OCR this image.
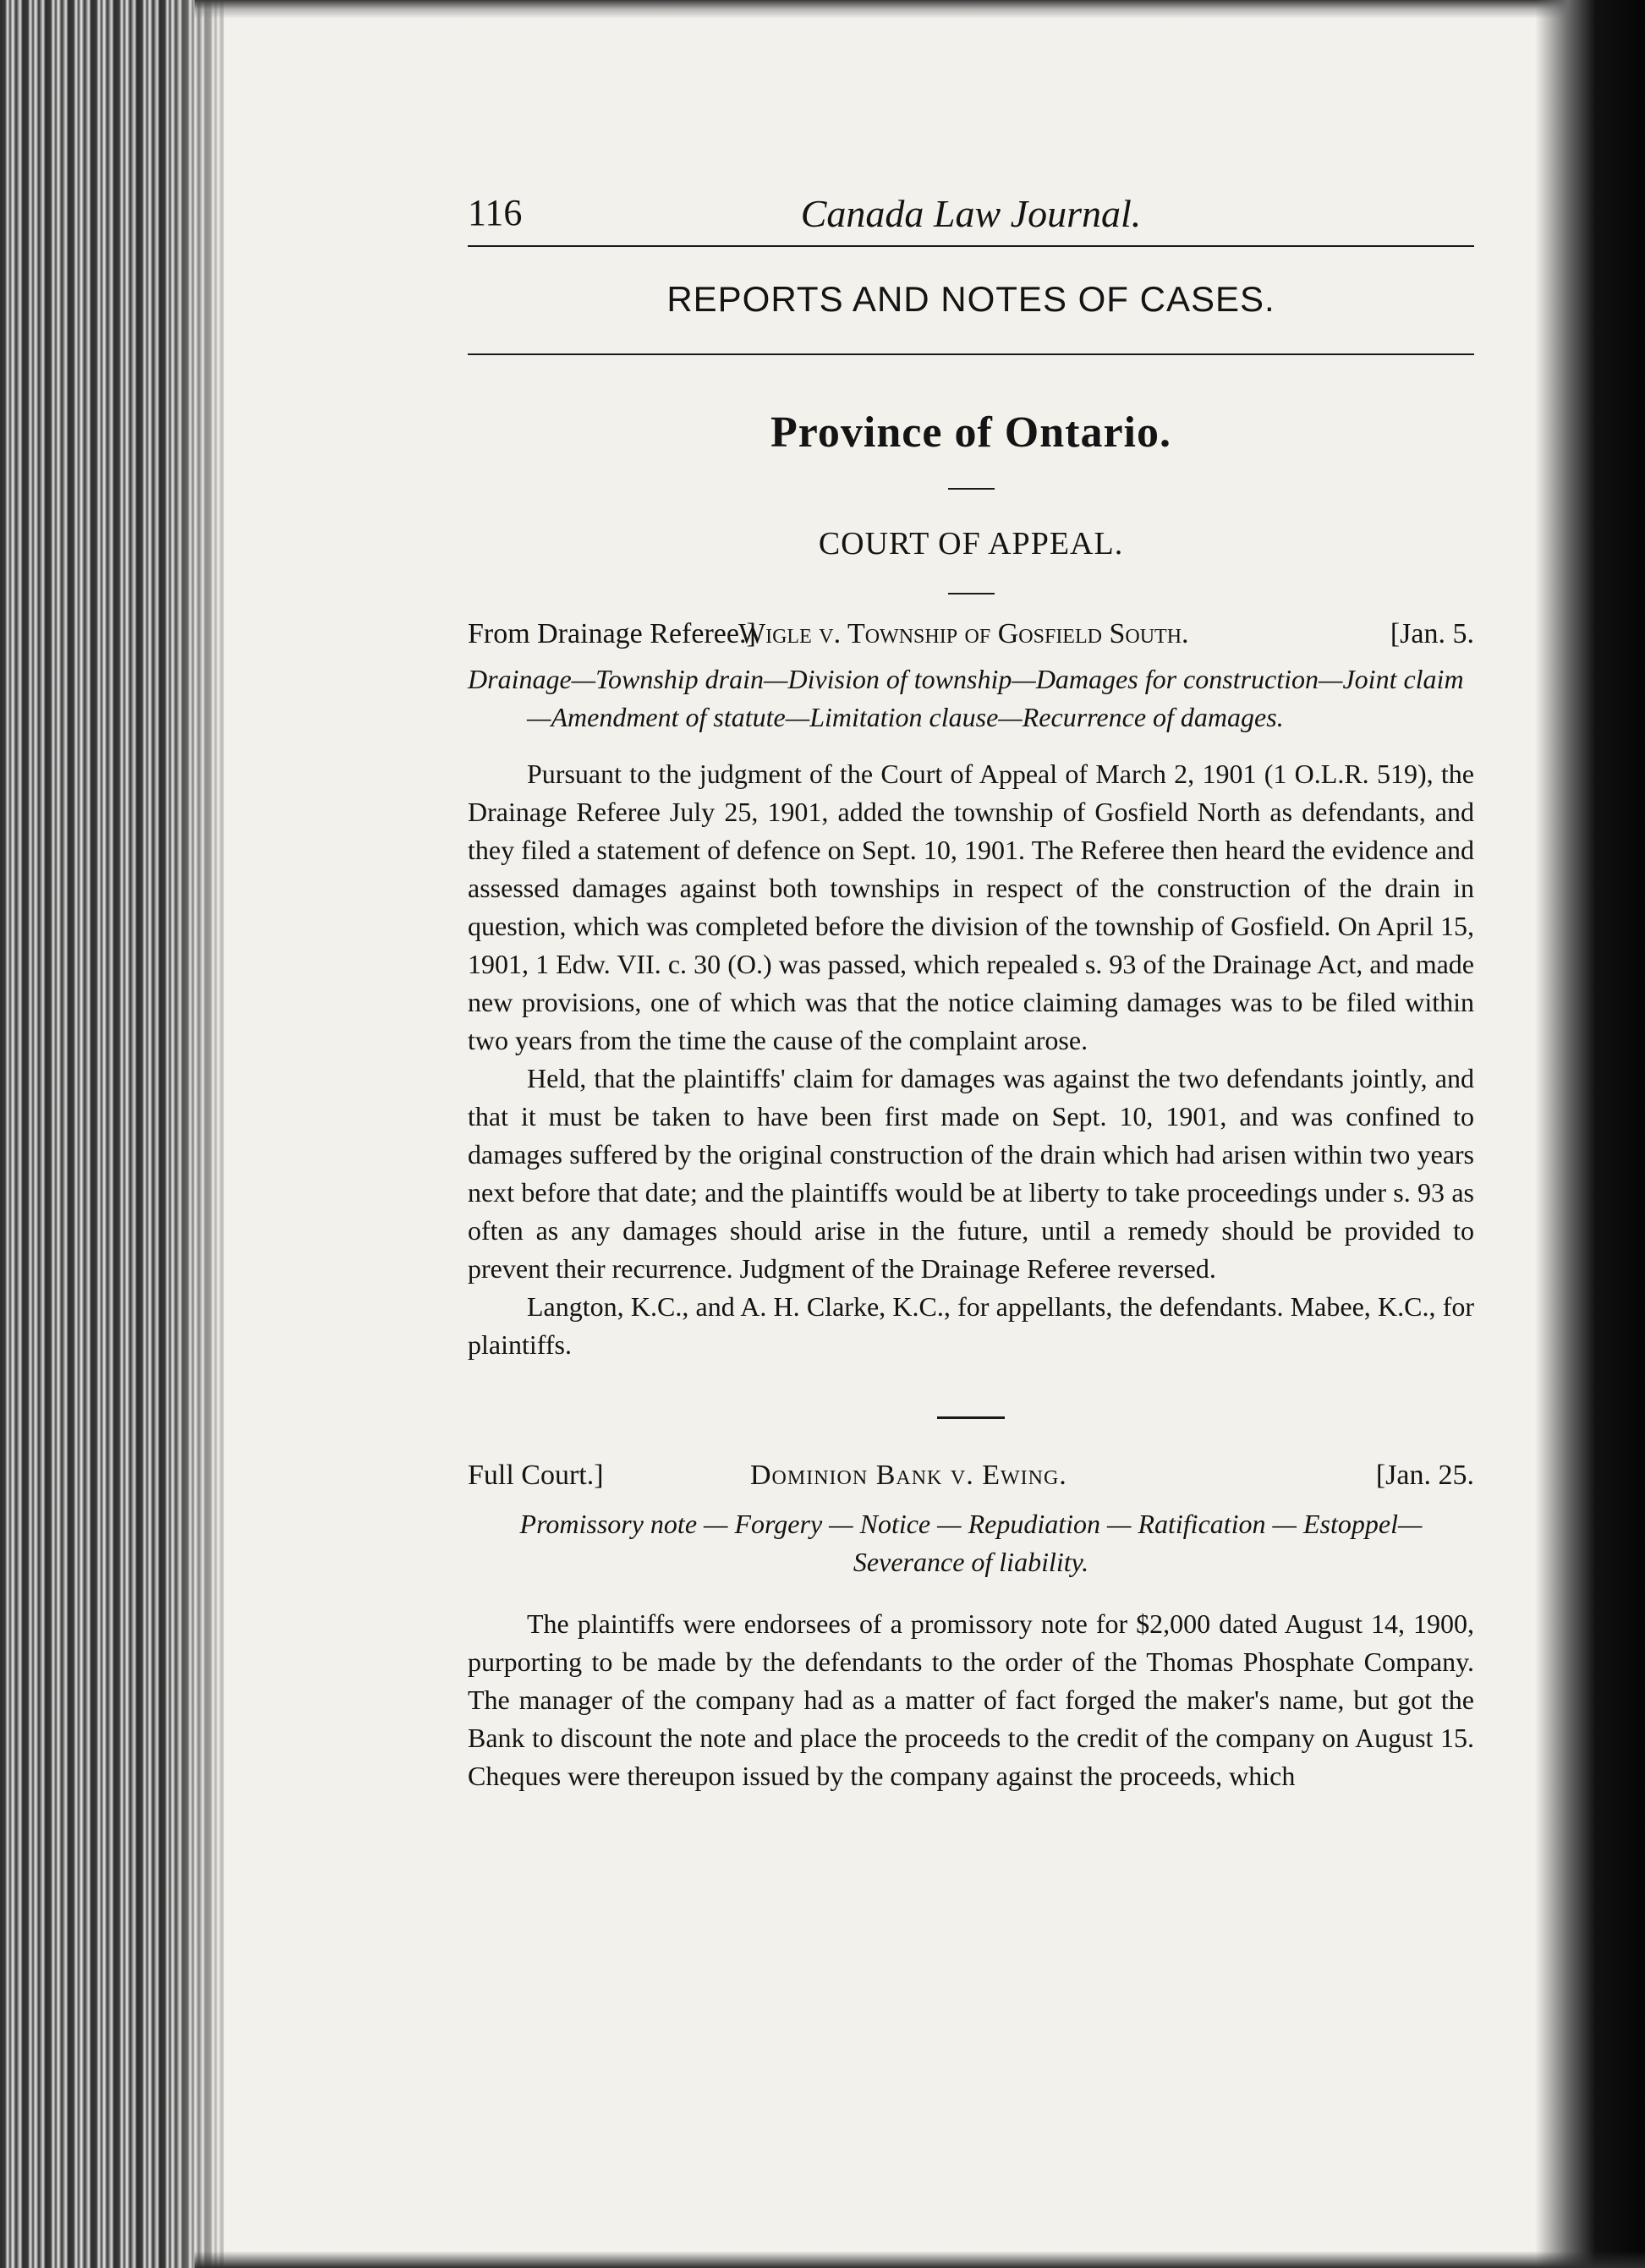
116	Canada Law Journal.
REPORTS AND NOTES OF CASES.
Province of Ontario.
COURT OF APPEAL.
From Drainage Referee.]
Wigle v. Township of Gosfield South.	[Jan. 5.

Drainage—Township drain—Division of township—Damages for construction—Joint claim—Amendment of statute—Limitation clause—Recurrence of damages.

Pursuant to the judgment of the Court of Appeal of March 2, 1901 (1 O.L.R. 519), the Drainage Referee July 25, 1901, added the township of Gosfield North as defendants, and they filed a statement of defence on Sept. 10, 1901. The Referee then heard the evidence and assessed damages against both townships in respect of the construction of the drain in question, which was completed before the division of the township of Gosfield. On April 15, 1901, 1 Edw. VII. c. 30 (O.) was passed, which repealed s. 93 of the Drainage Act, and made new provisions, one of which was that the notice claiming damages was to be filed within two years from the time the cause of the complaint arose.

Held, that the plaintiffs' claim for damages was against the two defendants jointly, and that it must be taken to have been first made on Sept. 10, 1901, and was confined to damages suffered by the original construction of the drain which had arisen within two years next before that date; and the plaintiffs would be at liberty to take proceedings under s. 93 as often as any damages should arise in the future, until a remedy should be provided to prevent their recurrence. Judgment of the Drainage Referee reversed.

Langton, K.C., and A. H. Clarke, K.C., for appellants, the defendants. Mabee, K.C., for plaintiffs.

Full Court.]	Dominion Bank v. Ewing.	[Jan. 25.

Promissory note — Forgery — Notice — Repudiation — Ratification — Estoppel—Severance of liability.

The plaintiffs were endorsees of a promissory note for $2,000 dated August 14, 1900, purporting to be made by the defendants to the order of the Thomas Phosphate Company. The manager of the company had as a matter of fact forged the maker's name, but got the Bank to discount the note and place the proceeds to the credit of the company on August 15. Cheques were thereupon issued by the company against the proceeds, which
